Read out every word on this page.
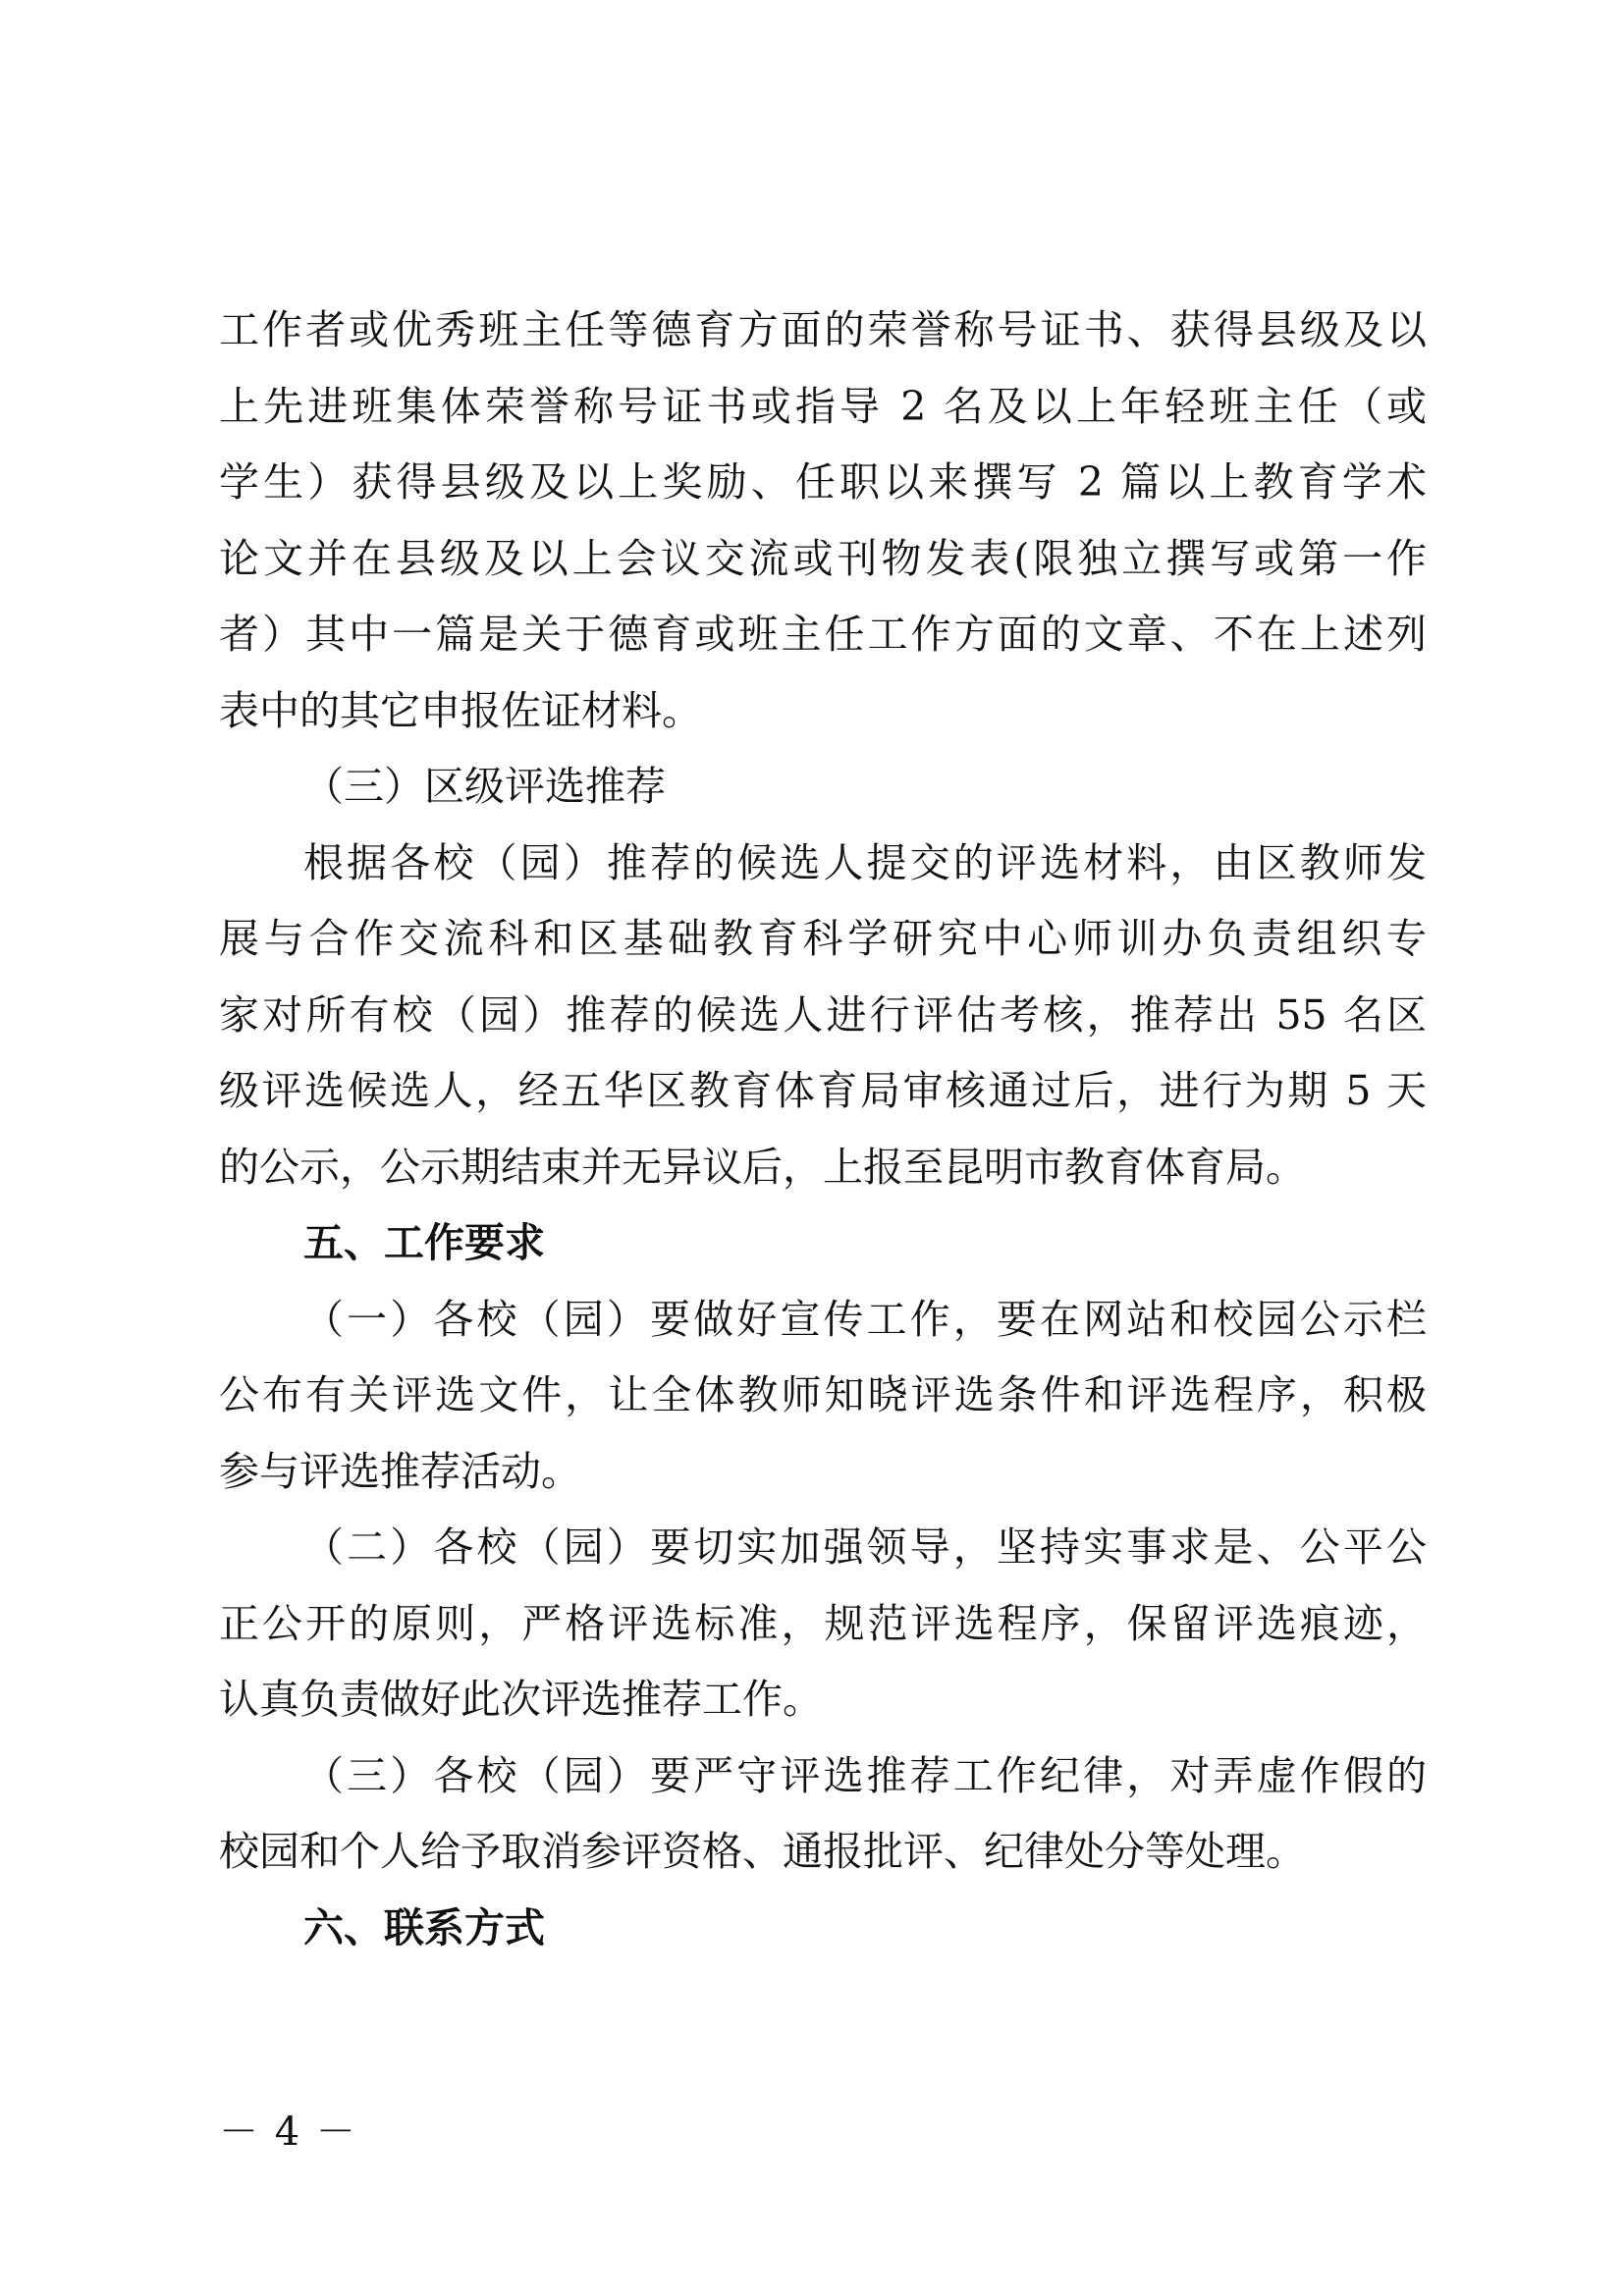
工作者或优秀班主任等德育方面的荣誉称号证书、获得县级及以
上先进班集体荣誉称号证书或指导 2 名及以上年轻班主任（或
学生）获得县级及以上奖励、任职以来撰写 2 篇以上教育学术
论文并在县级及以上会议交流或刊物发表(限独立撰写或第一作
者）其中一篇是关于德育或班主任工作方面的文章、不在上述列
表中的其它申报佐证材料。
（三）区级评选推荐
根据各校（园）推荐的候选人提交的评选材料，由区教师发
展与合作交流科和区基础教育科学研究中心师训办负责组织专
家对所有校（园）推荐的候选人进行评估考核，推荐出 55 名区
级评选候选人，经五华区教育体育局审核通过后，进行为期 5 天
的公示，公示期结束并无异议后，上报至昆明市教育体育局。
五、工作要求
（一）各校（园）要做好宣传工作，要在网站和校园公示栏
公布有关评选文件，让全体教师知晓评选条件和评选程序，积极
参与评选推荐活动。
（二）各校（园）要切实加强领导，坚持实事求是、公平公
正公开的原则，严格评选标准，规范评选程序，保留评选痕迹，
认真负责做好此次评选推荐工作。
（三）各校（园）要严守评选推荐工作纪律，对弄虚作假的
校园和个人给予取消参评资格、通报批评、纪律处分等处理。
六、联系方式
－ 4 －
